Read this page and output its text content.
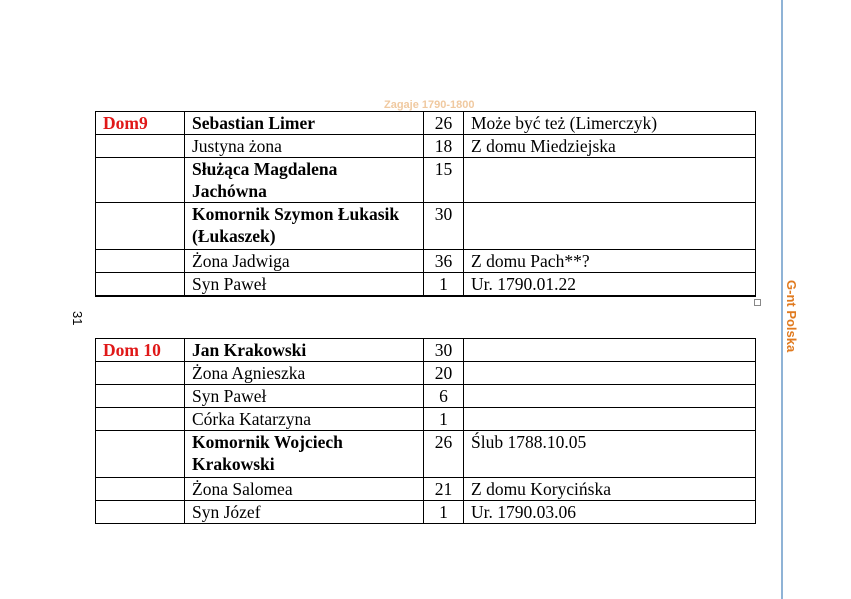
G-nt Polska
31
Zagaje 1790-1800
Dom9	Sebastian Limer	26	Może być też (Limerczyk)
	Justyna żona	18	Z domu Miedziejska
	Służąca Magdalena Jachówna	15	
	Komornik Szymon Łukasik (Łukaszek)	30	
	Żona Jadwiga	36	Z domu Pach**?
	Syn Paweł	1	Ur. 1790.01.22
Dom 10	Jan Krakowski	30	
	Żona Agnieszka	20	
	Syn Paweł	6	
	Córka Katarzyna	1	
	Komornik Wojciech Krakowski	26	Ślub 1788.10.05
	Żona Salomea	21	Z domu Korycińska
	Syn Józef	1	Ur. 1790.03.06
